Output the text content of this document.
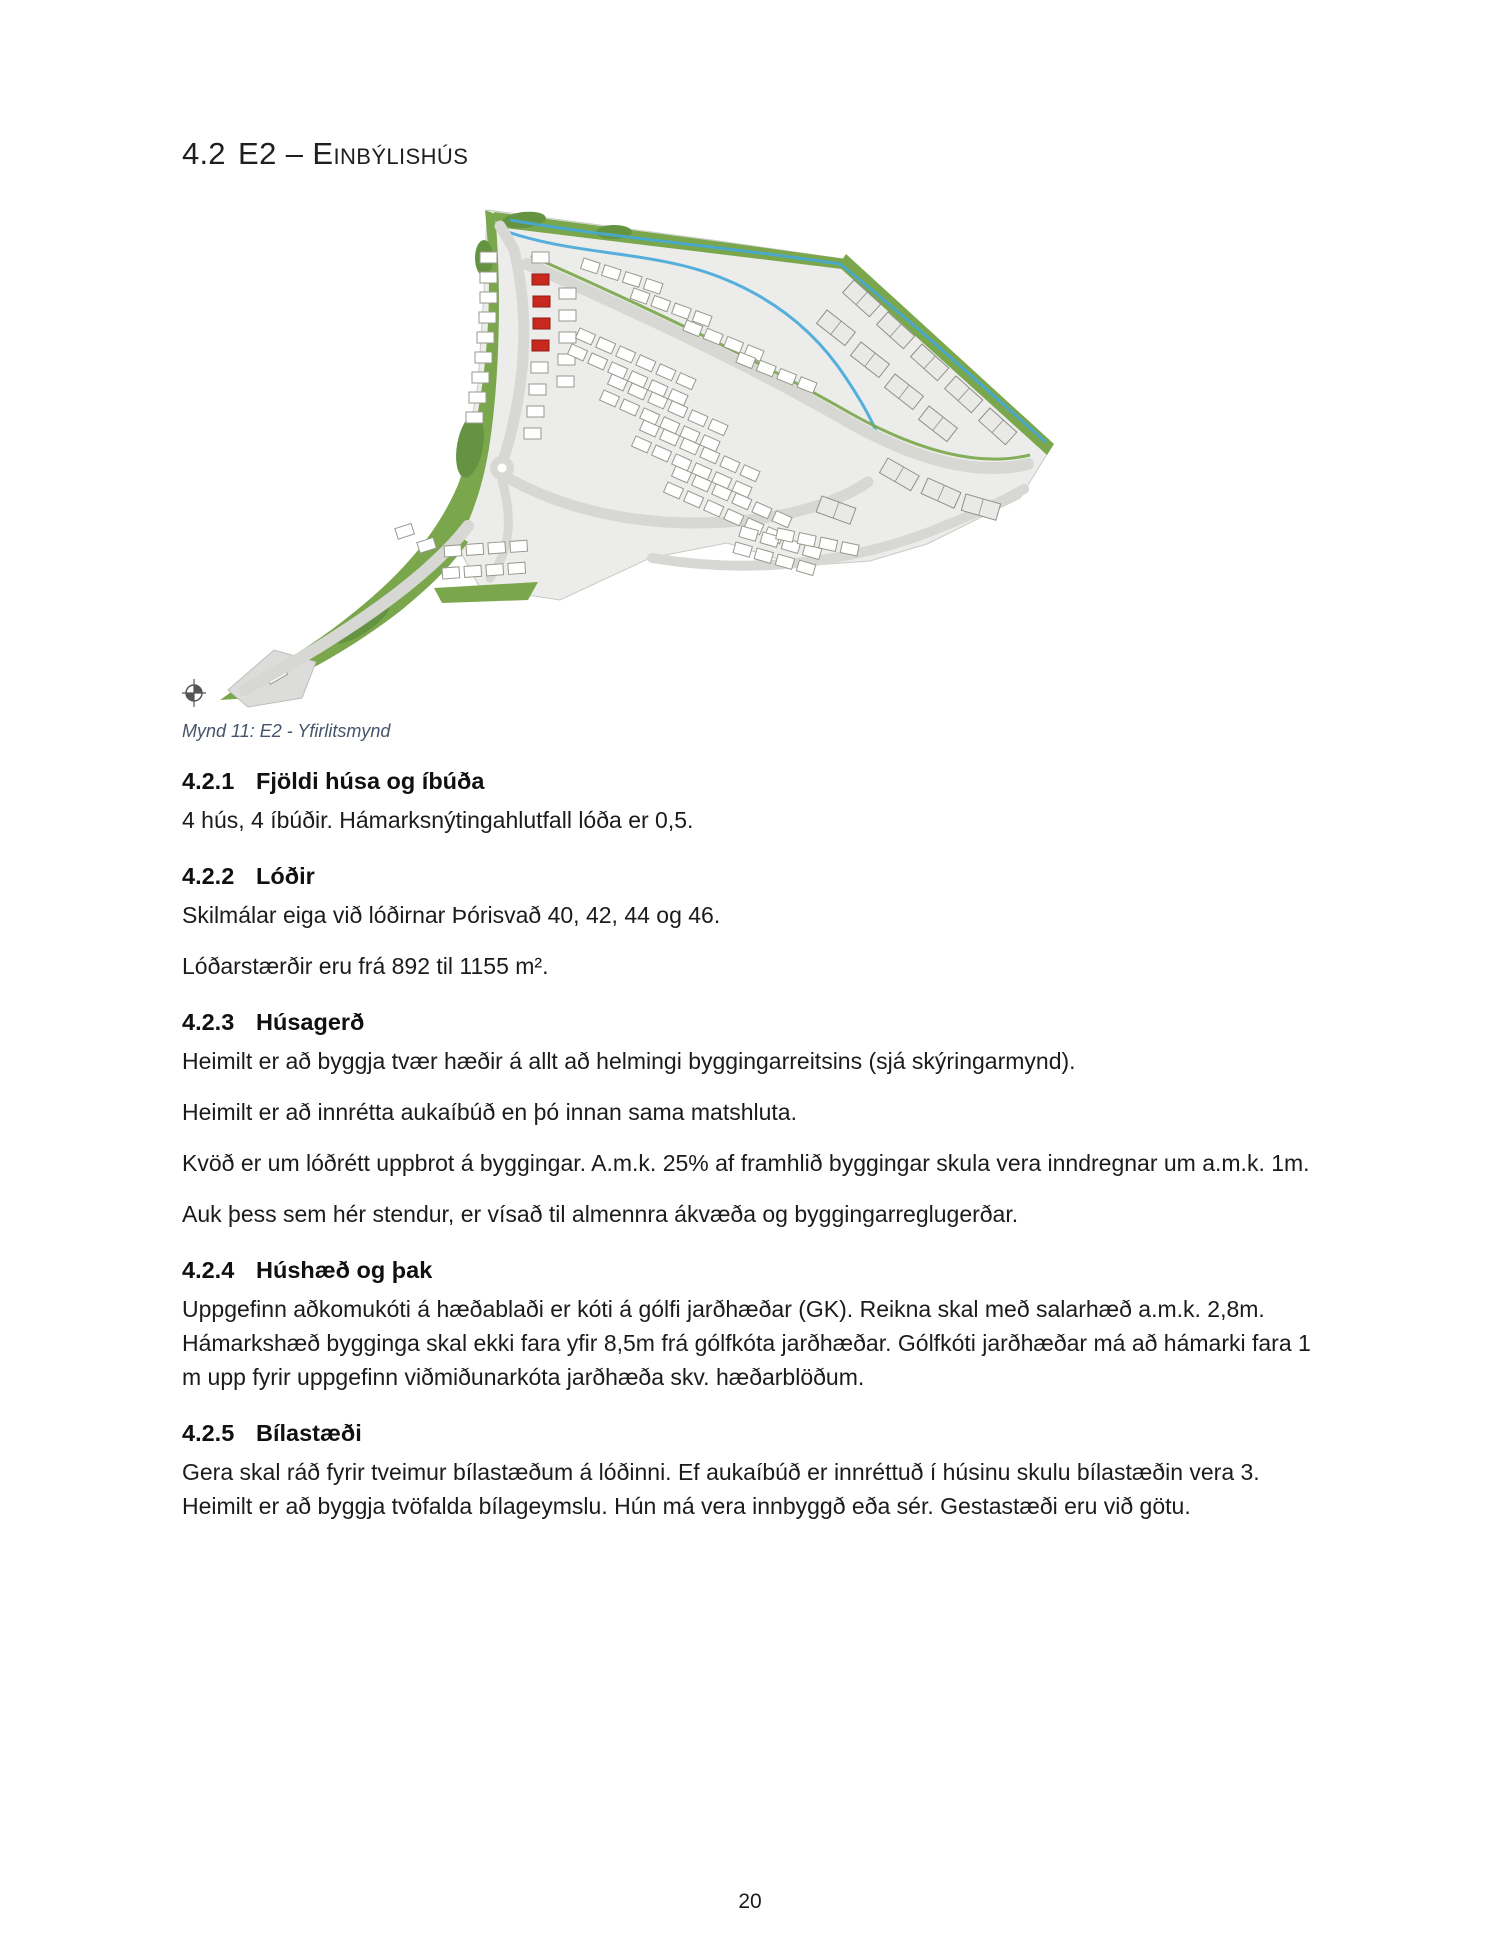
4.2 E2 – Einbýlishús
Mynd 11: E2 - Yfirlitsmynd
4.2.1 Fjöldi húsa og íbúða

4 hús, 4 íbúðir. Hámarksnýtingahlutfall lóða er 0,5.

4.2.2 Lóðir

Skilmálar eiga við lóðirnar Þórisvað 40, 42, 44 og 46.

Lóðarstærðir eru frá 892 til 1155 m².

4.2.3 Húsagerð

Heimilt er að byggja tvær hæðir á allt að helmingi byggingarreitsins (sjá skýringarmynd).

Heimilt er að innrétta aukaíbúð en þó innan sama matshluta.

Kvöð er um lóðrétt uppbrot á byggingar. A.m.k. 25% af framhlið byggingar skula vera inndregnar um a.m.k. 1m.

Auk þess sem hér stendur, er vísað til almennra ákvæða og byggingarreglugerðar.

4.2.4 Húshæð og þak

Uppgefinn aðkomukóti á hæðablaði er kóti á gólfi jarðhæðar (GK). Reikna skal með salarhæð a.m.k. 2,8m. Hámarkshæð bygginga skal ekki fara yfir 8,5m frá gólfkóta jarðhæðar. Gólfkóti jarðhæðar má að hámarki fara 1 m upp fyrir uppgefinn viðmiðunarkóta jarðhæða skv. hæðarblöðum.

4.2.5 Bílastæði

Gera skal ráð fyrir tveimur bílastæðum á lóðinni. Ef aukaíbúð er innréttuð í húsinu skulu bílastæðin vera 3. Heimilt er að byggja tvöfalda bílageymslu. Hún má vera innbyggð eða sér. Gestastæði eru við götu.

20
